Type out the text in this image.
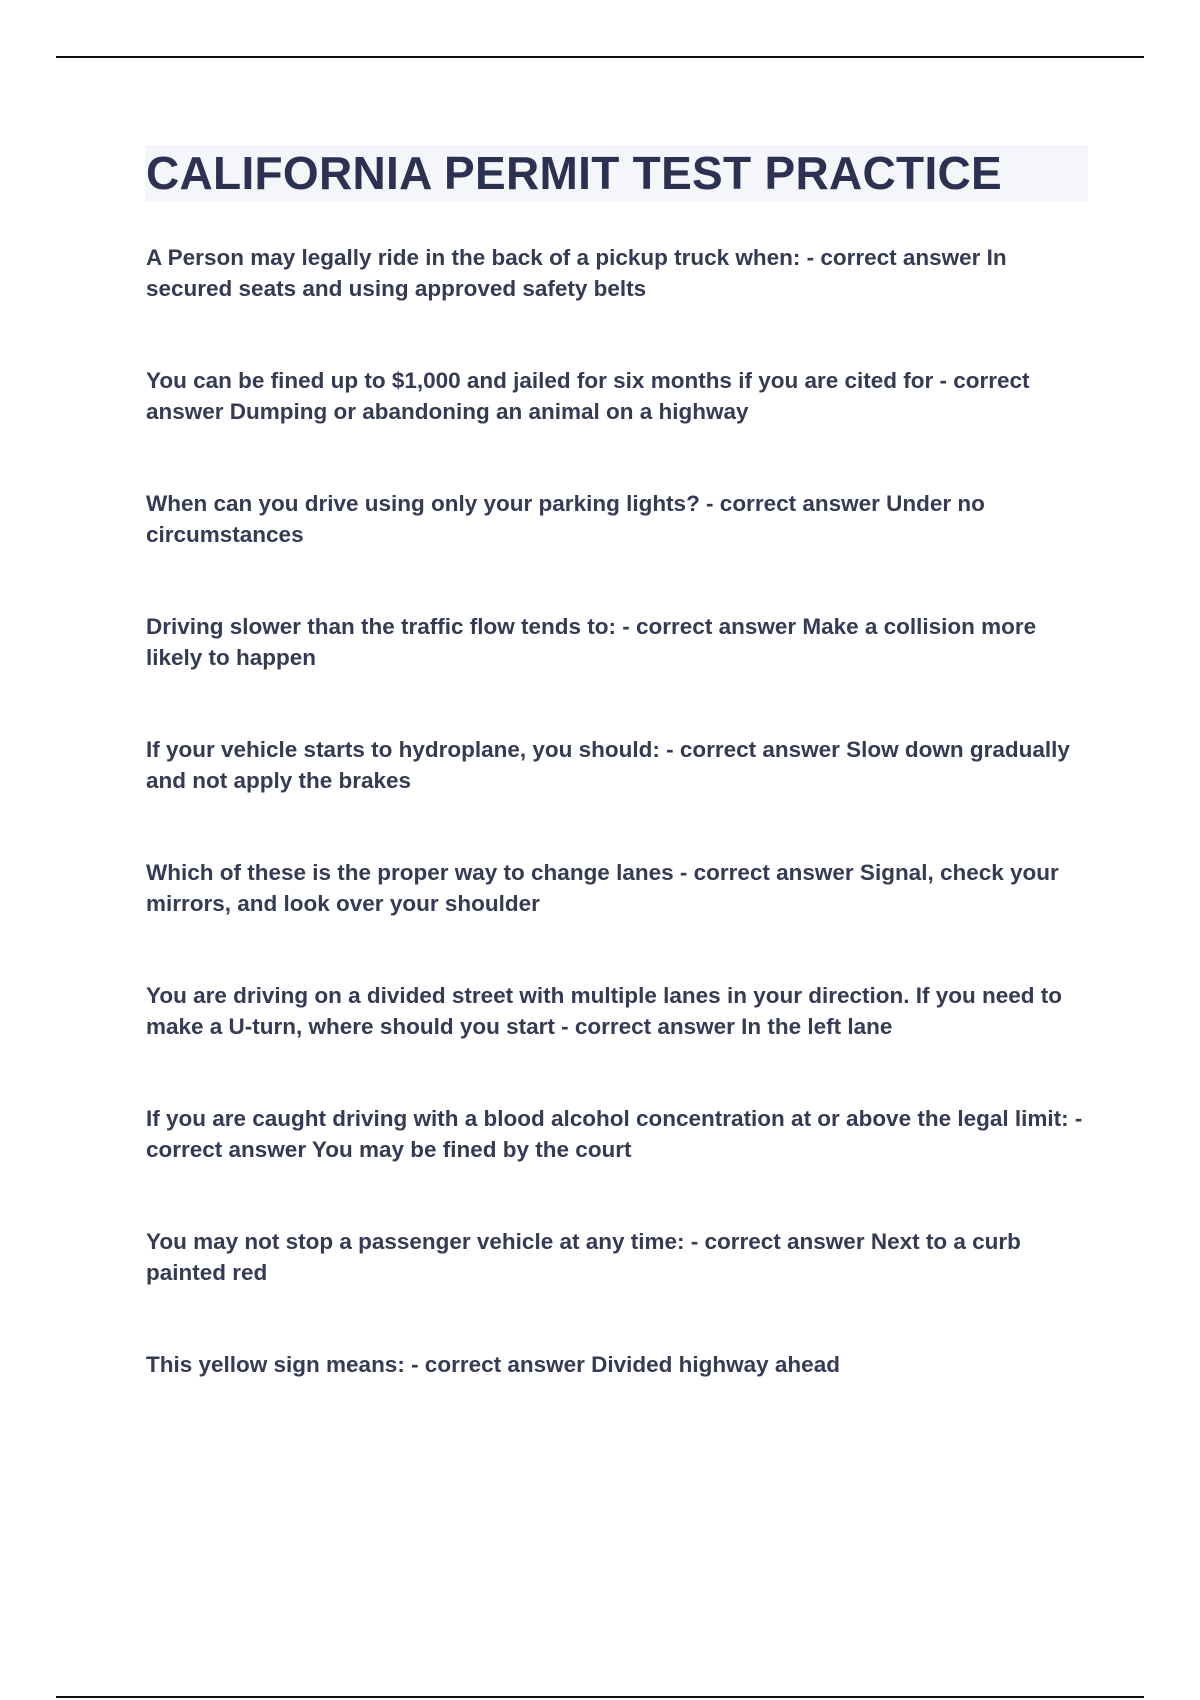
CALIFORNIA PERMIT TEST PRACTICE

A Person may legally ride in the back of a pickup truck when: - correct answer In secured seats and using approved safety belts

You can be fined up to $1,000 and jailed for six months if you are cited for - correct answer Dumping or abandoning an animal on a highway

When can you drive using only your parking lights? - correct answer Under no circumstances

Driving slower than the traffic flow tends to: - correct answer Make a collision more likely to happen

If your vehicle starts to hydroplane, you should: - correct answer Slow down gradually and not apply the brakes

Which of these is the proper way to change lanes - correct answer Signal, check your mirrors, and look over your shoulder

You are driving on a divided street with multiple lanes in your direction. If you need to make a U-turn, where should you start - correct answer In the left lane

If you are caught driving with a blood alcohol concentration at or above the legal limit: - correct answer You may be fined by the court

You may not stop a passenger vehicle at any time: - correct answer Next to a curb painted red

This yellow sign means: - correct answer Divided highway ahead
